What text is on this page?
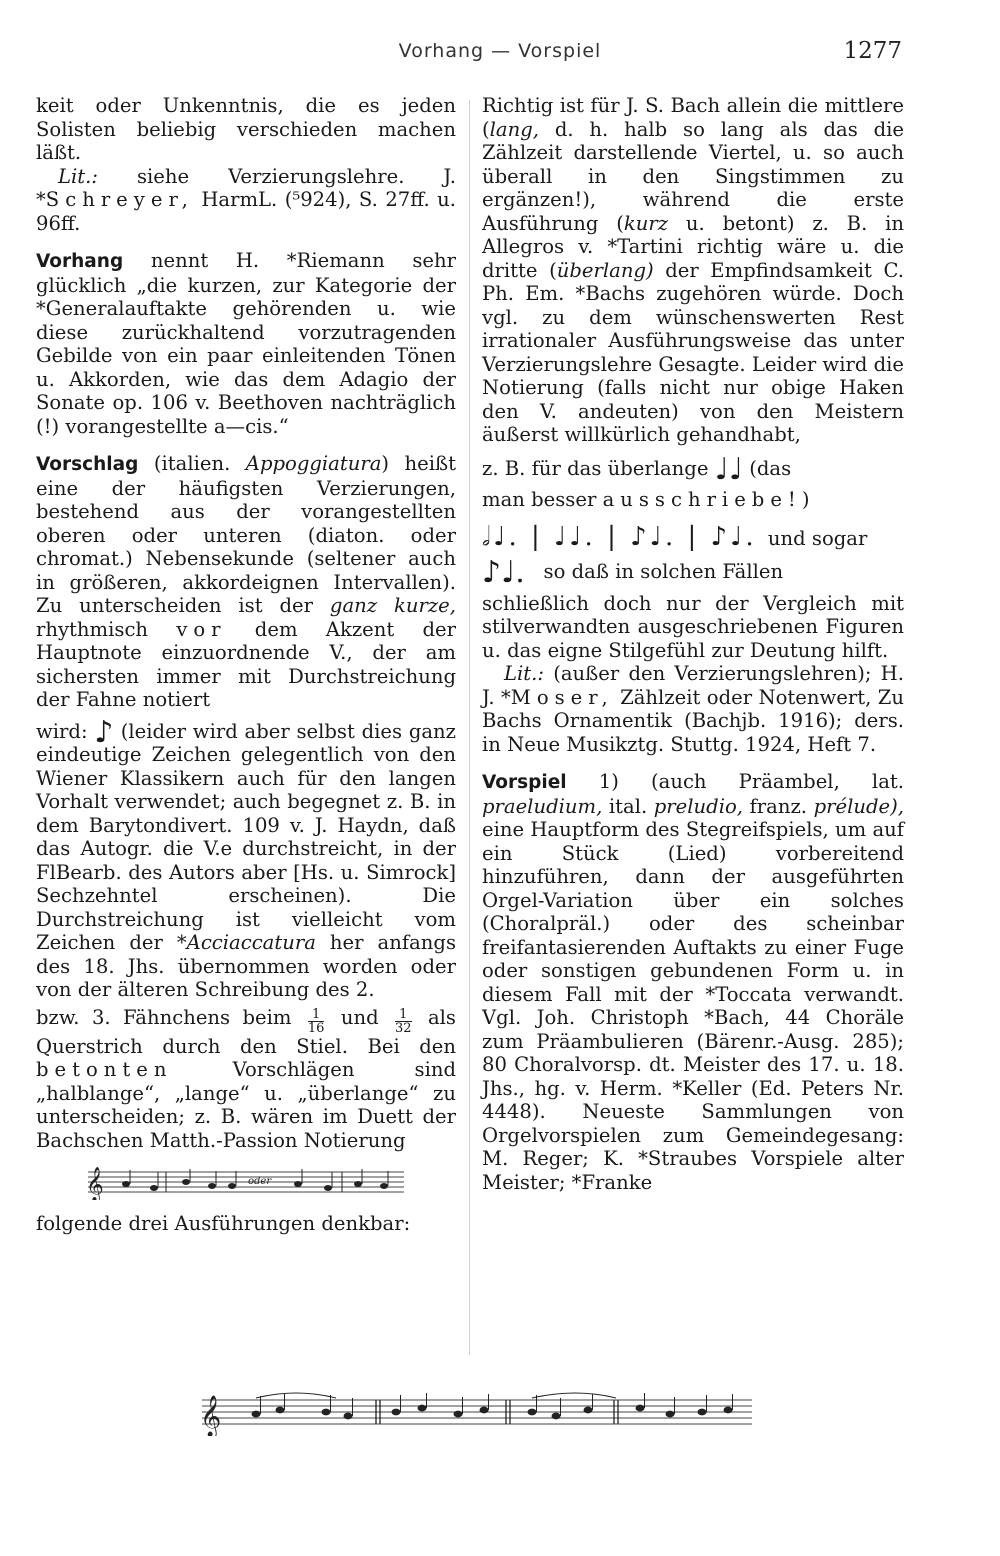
Vorhang — Vorspiel	1277

keit oder Unkenntnis, die es jeden Solisten beliebig verschieden machen läßt.

Lit.: siehe Verzierungslehre. J. *Schreyer, HarmL. (⁵924), S. 27ff. u. 96ff.

Vorhang nennt H. *Riemann sehr glücklich „die kurzen, zur Kategorie der *Generalauftakte gehörenden u. wie diese zurückhaltend vorzutragenden Gebilde von ein paar einleitenden Tönen u. Akkorden, wie das dem Adagio der Sonate op. 106 v. Beethoven nachträglich (!) vorangestellte a—cis.“

Vorschlag (italien. Appoggiatura) heißt eine der häufigsten Verzierungen, bestehend aus der vorangestellten oberen oder unteren (diaton. oder chromat.) Nebensekunde (seltener auch in größeren, akkordeignen Intervallen). Zu unterscheiden ist der ganz kurze, rhythmisch vor dem Akzent der Hauptnote einzuordnende V., der am sichersten immer mit Durchstreichung der Fahne notiert

wird: ♪ (leider wird aber selbst dies ganz eindeutige Zeichen gelegentlich von den Wiener Klassikern auch für den langen Vorhalt verwendet; auch begegnet z. B. in dem Barytondivert. 109 v. J. Haydn, daß das Autogr. die V.e durchstreicht, in der FlBearb. des Autors aber [Hs. u. Simrock] Sechzehntel erscheinen). Die Durchstreichung ist vielleicht vom Zeichen der *Acciaccatura her anfangs des 18. Jhs. übernommen worden oder von der älteren Schreibung des 2.

bzw. 3. Fähnchens beim $\frac{1}{16}$ und $\frac{1}{32}$ als Querstrich durch den Stiel. Bei den betonten Vorschlägen sind „halblange“, „lange“ u. „überlange“ zu unterscheiden; z. B. wären im Duett der Bachschen Matth.-Passion Notierung

𝄞	oder

folgende drei Ausführungen denkbar:

Richtig ist für J. S. Bach allein die mittlere (lang, d. h. halb so lang als das die Zählzeit darstellende Viertel, u. so auch überall in den Singstimmen zu ergänzen!), während die erste Ausführung (kurz u. betont) z. B. in Allegros v. *Tartini richtig wäre u. die dritte (überlang) der Empfindsamkeit C. Ph. Em. *Bachs zugehören würde. Doch vgl. zu dem wünschenswerten Rest irrationaler Ausführungsweise das unter Verzierungslehre Gesagte. Leider wird die Notierung (falls nicht nur obige Haken den V. andeuten) von den Meistern äußerst willkürlich gehandhabt,

z. B. für das überlange ♩♩ (das

man besser ausschriebe!)

𝅗𝅥♩. | ♩♩. | ♪♩. | ♪♩. und sogar

♪♩. so daß in solchen Fällen

schließlich doch nur der Vergleich mit stilverwandten ausgeschriebenen Figuren u. das eigne Stilgefühl zur Deutung hilft.

Lit.: (außer den Verzierungslehren); H. J. *Moser, Zählzeit oder Notenwert, Zu Bachs Ornamentik (Bachjb. 1916); ders. in Neue Musikztg. Stuttg. 1924, Heft 7.

Vorspiel 1) (auch Präambel, lat. praeludium, ital. preludio, franz. prélude), eine Hauptform des Stegreifspiels, um auf ein Stück (Lied) vorbereitend hinzuführen, dann der ausgeführten Orgel-Variation über ein solches (Choralpräl.) oder des scheinbar freifantasierenden Auftakts zu einer Fuge oder sonstigen gebundenen Form u. in diesem Fall mit der *Toccata verwandt. Vgl. Joh. Christoph *Bach, 44 Choräle zum Präambulieren (Bärenr.-Ausg. 285); 80 Choralvorsp. dt. Meister des 17. u. 18. Jhs., hg. v. Herm. *Keller (Ed. Peters Nr. 4448). Neueste Sammlungen von Orgelvorspielen zum Gemeindegesang: M. Reger; K. *Straubes Vorspiele alter Meister; *Franke

𝄞
